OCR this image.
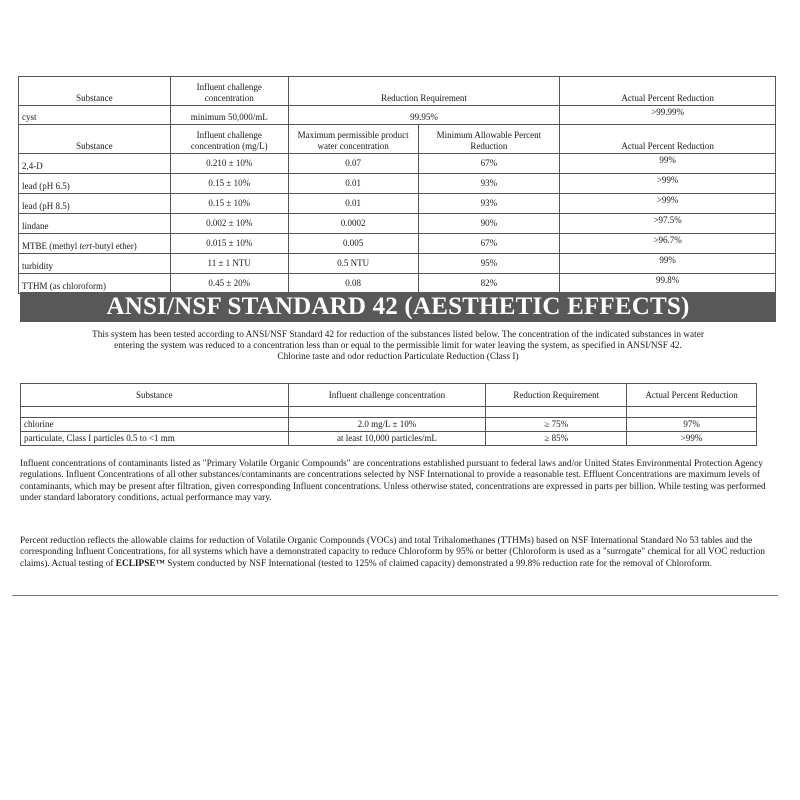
Substance	Influent challenge concentration	Reduction Requirement		Actual Percent Reduction
cyst	minimum 50,000/mL	99.95%		>99.99%
Substance	Influent challenge concentration (mg/L)	Maximum permissible product water concentration	Minimum Allowable Percent Reduction	Actual Percent Reduction
2,4-D	0.210 ± 10%	0.07	67%	99%
lead (pH 6.5)	0.15 ± 10%	0.01	93%	>99%
lead (pH 8.5)	0.15 ± 10%	0.01	93%	>99%
lindane	0.002 ± 10%	0.0002	90%	>97.5%
MTBE (methyl tert-butyl ether)	0.015 ± 10%	0.005	67%	>96.7%
turbidity	11 ± 1 NTU	0.5 NTU	95%	99%
TTHM (as chloroform)	0.45 ± 20%	0.08	82%	99.8%
ANSI/NSF STANDARD 42 (AESTHETIC EFFECTS)

This system has been tested according to ANSI/NSF Standard 42 for reduction of the substances listed below. The concentration of the indicated substances in water
entering the system was reduced to a concentration less than or equal to the permissible limit for water leaving the system, as specified in ANSI/NSF 42.
Chlorine taste and odor reduction Particulate Reduction (Class I)

Substance	Influent challenge concentration	Reduction Requirement	Actual Percent Reduction

chlorine	2.0 mg/L ± 10%	≥ 75%	97%
particulate, Class I particles 0.5 to <1 mm	at least 10,000 particles/mL	≥ 85%	>99%

Influent concentrations of contaminants listed as "Primary Volatile Organic Compounds" are concentrations established pursuant to federal laws and/or United States Environmental Protection Agency regulations. Influent Concentrations of all other substances/contaminants are concentrations selected by NSF International to provide a reasonable test. Effluent Concentrations are maximum levels of contaminants, which may be present after filtration, given corresponding Influent concentrations. Unless otherwise stated, concentrations are expressed in parts per billion. While testing was performed under standard laboratory conditions, actual performance may vary.

Percent reduction reflects the allowable claims for reduction of Volatile Organic Compounds (VOCs) and total Trihalomethanes (TTHMs) based on NSF International Standard No 53 tables and the corresponding Influent Concentrations, for all systems which have a demonstrated capacity to reduce Chloroform by 95% or better (Chloroform is used as a "surrogate" chemical for all VOC reduction claims). Actual testing of ECLIPSE™ System conducted by NSF International (tested to 125% of claimed capacity) demonstrated a 99.8% reduction rate for the removal of Chloroform.
